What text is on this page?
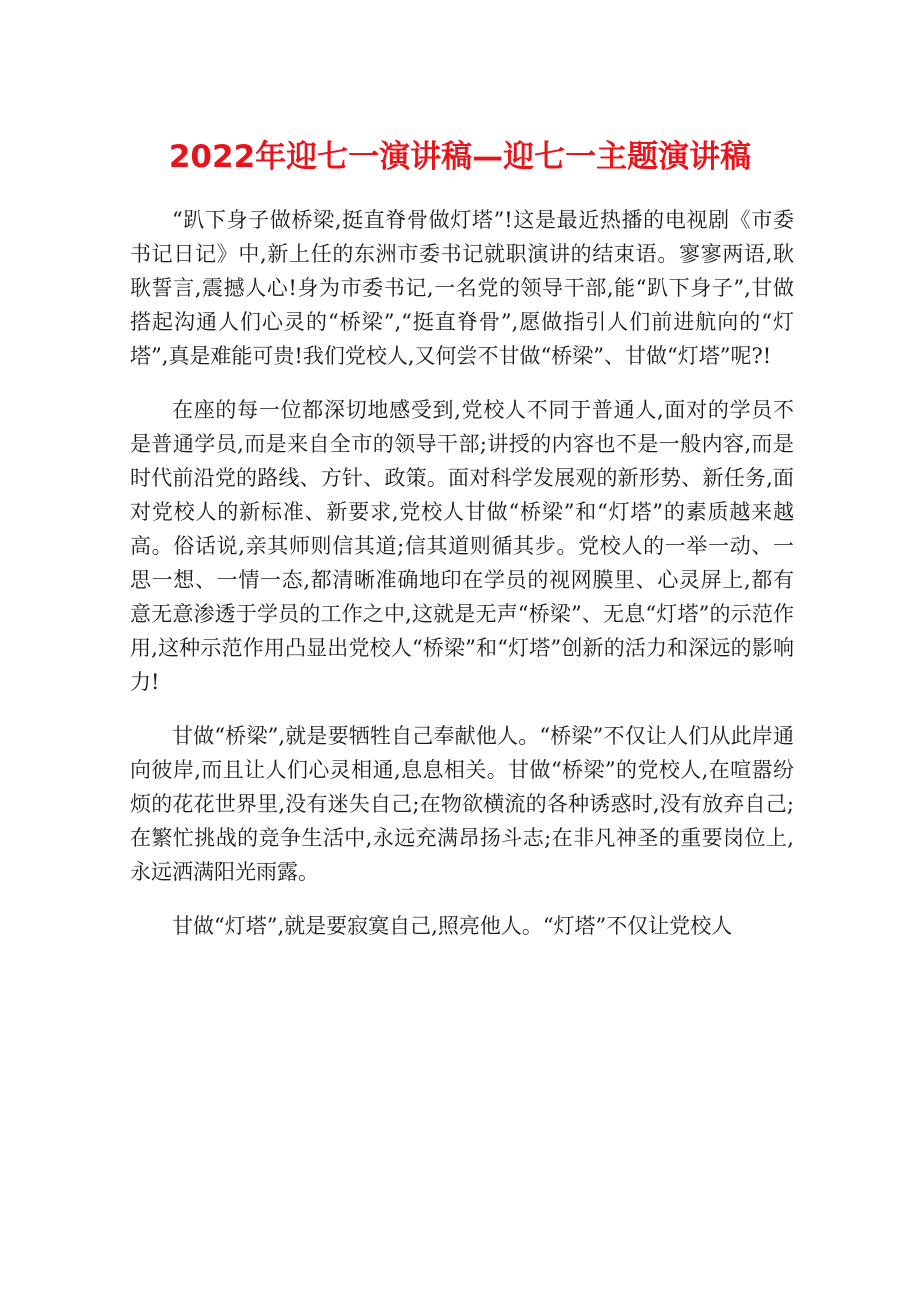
2022年迎七一演讲稿—迎七一主题演讲稿

“趴下身子做桥梁,挺直脊骨做灯塔”!这是最近热播的电视剧《市委书记日记》中,新上任的东洲市委书记就职演讲的结束语。寥寥两语,耿耿誓言,震撼人心!身为市委书记,一名党的领导干部,能“趴下身子”,甘做搭起沟通人们心灵的“桥梁”,“挺直脊骨”,愿做指引人们前进航向的“灯塔”,真是难能可贵!我们党校人,又何尝不甘做“桥梁”、甘做“灯塔”呢?!

在座的每一位都深切地感受到,党校人不同于普通人,面对的学员不是普通学员,而是来自全市的领导干部;讲授的内容也不是一般内容,而是时代前沿党的路线、方针、政策。面对科学发展观的新形势、新任务,面对党校人的新标准、新要求,党校人甘做“桥梁”和“灯塔”的素质越来越高。俗话说,亲其师则信其道;信其道则循其步。党校人的一举一动、一思一想、一情一态,都清晰准确地印在学员的视网膜里、心灵屏上,都有意无意渗透于学员的工作之中,这就是无声“桥梁”、无息“灯塔”的示范作用,这种示范作用凸显出党校人“桥梁”和“灯塔”创新的活力和深远的影响力!

甘做“桥梁”,就是要牺牲自己奉献他人。“桥梁”不仅让人们从此岸通向彼岸,而且让人们心灵相通,息息相关。甘做“桥梁”的党校人,在喧嚣纷烦的花花世界里,没有迷失自己;在物欲横流的各种诱惑时,没有放弃自己;在繁忙挑战的竞争生活中,永远充满昂扬斗志;在非凡神圣的重要岗位上,永远洒满阳光雨露。

甘做“灯塔”,就是要寂寞自己,照亮他人。“灯塔”不仅让党校人
